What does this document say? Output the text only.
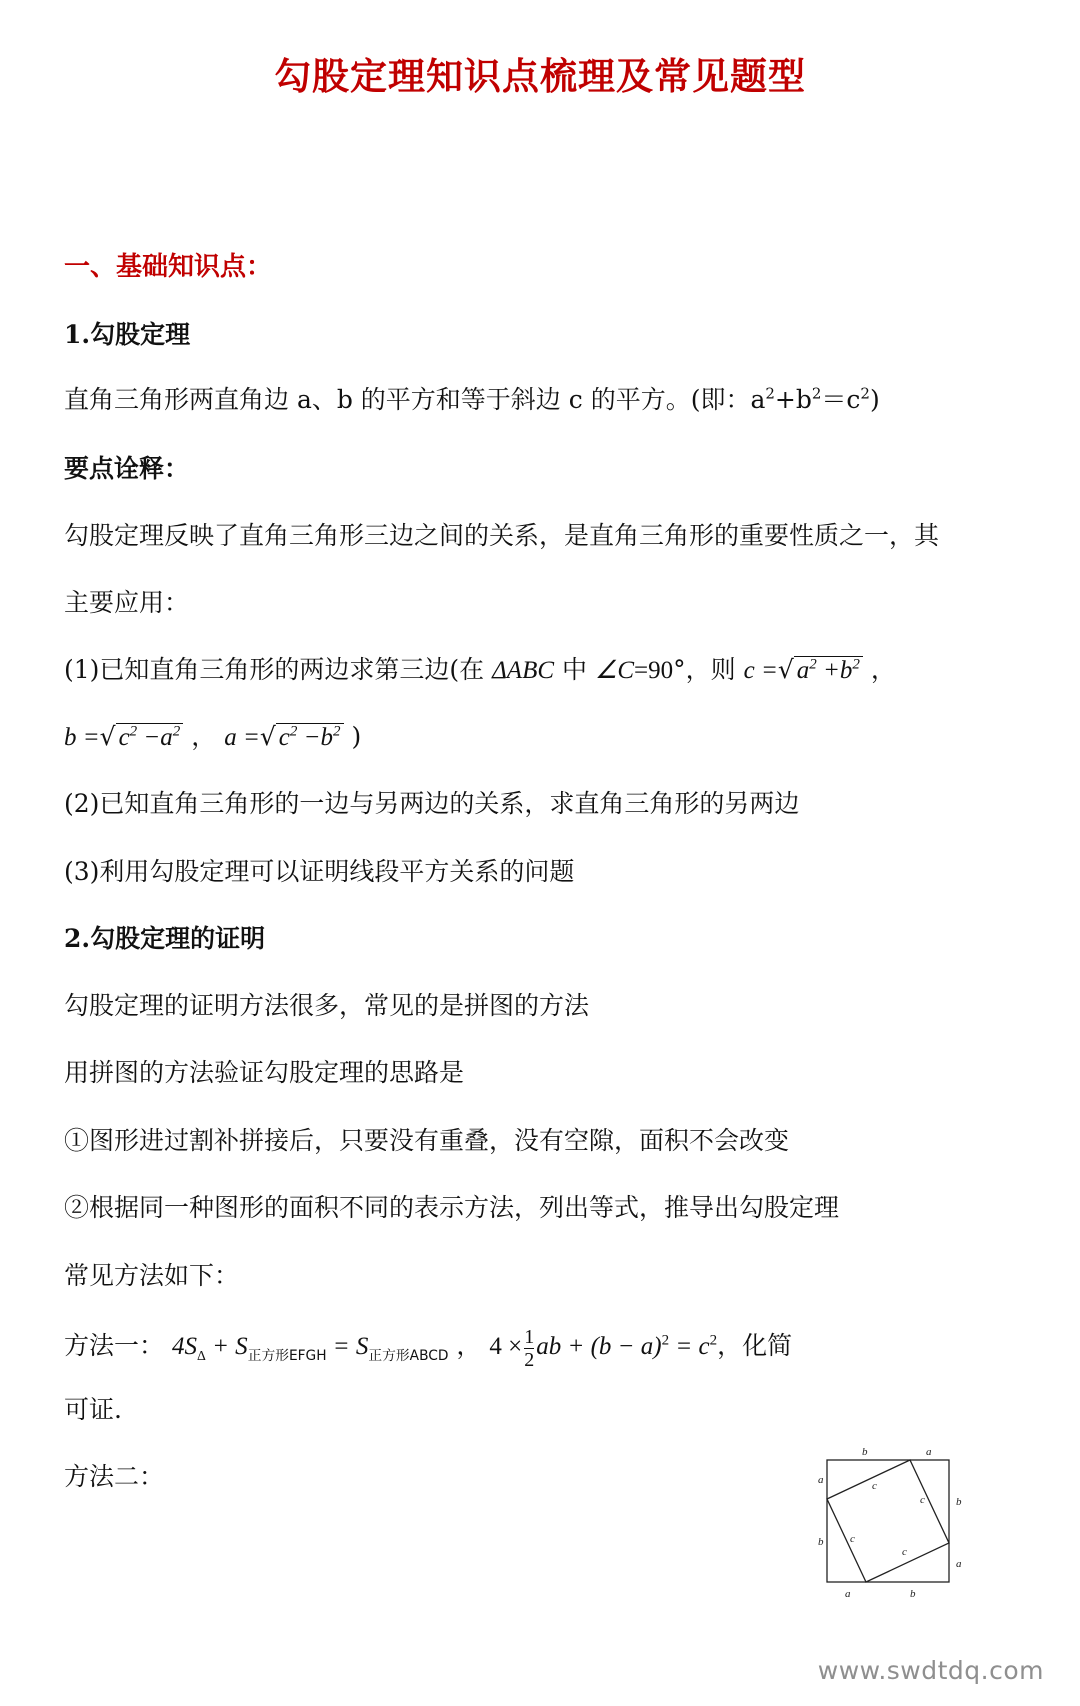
勾股定理知识点梳理及常见题型
一、基础知识点：
1.勾股定理
直角三角形两直角边 a、b 的平方和等于斜边 c 的平方。(即：$a^2+b^2=c^2$)
要点诠释：
勾股定理反映了直角三角形三边之间的关系，是直角三角形的重要性质之一，其
主要应用：
(1)已知直角三角形的两边求第三边(在 ΔABC 中 ∠C=90°，则 c =√ $a^2 +b^2$ ，
b =√ $c^2 -a^2$ ， a =√ $c^2 -b^2$ )
(2)已知直角三角形的一边与另两边的关系，求直角三角形的另两边
(3)利用勾股定理可以证明线段平方关系的问题
2.勾股定理的证明
勾股定理的证明方法很多，常见的是拼图的方法
用拼图的方法验证勾股定理的思路是
①图形进过割补拼接后，只要没有重叠，没有空隙，面积不会改变
②根据同一种图形的面积不同的表示方法，列出等式，推导出勾股定理
常见方法如下：
方法一： $4S_\Delta + S_{正方形EFGH} = S_{正方形ABCD}$ ， $4 \times \frac{1}{2}$ ab + $(b - a)^2 = c^2$，化简
可证.
方法二：
b	a
a
b
b
a
a	b
c
c
c
c
www.swdtdq.com
